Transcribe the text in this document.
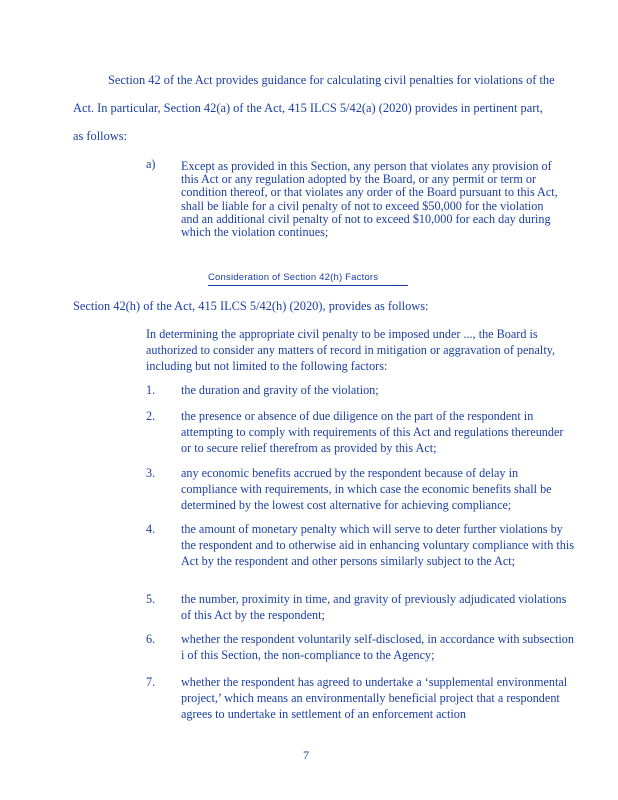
Section 42 of the Act provides guidance for calculating civil penalties for violations of the
Act. In particular, Section 42(a) of the Act, 415 ILCS 5/42(a) (2020) provides in pertinent part,
as follows:
a) Except as provided in this Section, any person that violates any provision of this Act or any regulation adopted by the Board, or any permit or term or condition thereof, or that violates any order of the Board pursuant to this Act, shall be liable for a civil penalty of not to exceed $50,000 for the violation and an additional civil penalty of not to exceed $10,000 for each day during which the violation continues;
Consideration of Section 42(h) Factors
Section 42(h) of the Act, 415 ILCS 5/42(h) (2020), provides as follows:
In determining the appropriate civil penalty to be imposed under ..., the Board is authorized to consider any matters of record in mitigation or aggravation of penalty, including but not limited to the following factors:
1. the duration and gravity of the violation;
2. the presence or absence of due diligence on the part of the respondent in attempting to comply with requirements of this Act and regulations thereunder or to secure relief therefrom as provided by this Act;
3. any economic benefits accrued by the respondent because of delay in compliance with requirements, in which case the economic benefits shall be determined by the lowest cost alternative for achieving compliance;
4. the amount of monetary penalty which will serve to deter further violations by the respondent and to otherwise aid in enhancing voluntary compliance with this Act by the respondent and other persons similarly subject to the Act;
5. the number, proximity in time, and gravity of previously adjudicated violations of this Act by the respondent;
6. whether the respondent voluntarily self-disclosed, in accordance with subsection i of this Section, the non-compliance to the Agency;
7. whether the respondent has agreed to undertake a ‘supplemental environmental project,’ which means an environmentally beneficial project that a respondent agrees to undertake in settlement of an enforcement action
7
